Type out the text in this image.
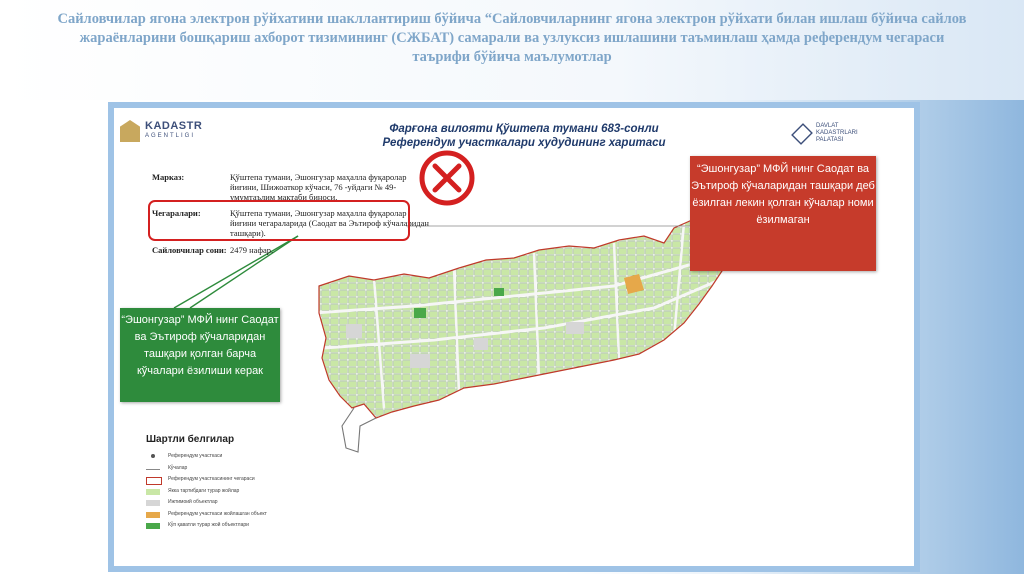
Сайловчилар ягона электрон рўйхатини шакллантириш бўйича “Сайловчиларнинг ягона электрон рўйхати билан ишлаш бўйича сайлов жараёнларини бошқариш ахборот тизимининг (СЖБАТ) самарали ва узлуксиз ишлашини таъминлаш ҳамда референдум чегараси таърифи бўйича маълумотлар
KADASTR
AGENTLIGI
Фарғона вилояти Қўштепа тумани 683-сонли Референдум участкалари худудининг харитаси
DAVLAT
KADASTRLARI
PALATASI
Марказ:	Қўштепа тумани, Эшонгузар маҳалла фуқаролар йиғини, Шижоаткор кўчаси, 76 -уйдаги № 49-умумтаълим мактаби биноси.
Чегаралари:	Қўштепа тумани, Эшонгузар маҳалла фуқаролар йиғини чегараларида (Саодат ва Эътироф кўчаларидан ташқари).
Сайловчилар сони: 2479 нафар.
“Эшонгузар” МФЙ нинг Саодат ва Эътироф кўчаларидан ташқари деб ёзилган лекин қолган кўчалар номи ёзилмаган
“Эшонгузар” МФЙ нинг Саодат ва Эътироф кўчаларидан ташқари қолган барча кўчалари ёзилиши керак
Шартли белгилар
Референдум участкаси
Кўчалар
Референдум участкасининг чегараси
Якка тартибдаги турар жойлар
Ижтимоий объектлар
Референдум участкаси жойлашган объект
Кўп қаватли турар жой объектлари
